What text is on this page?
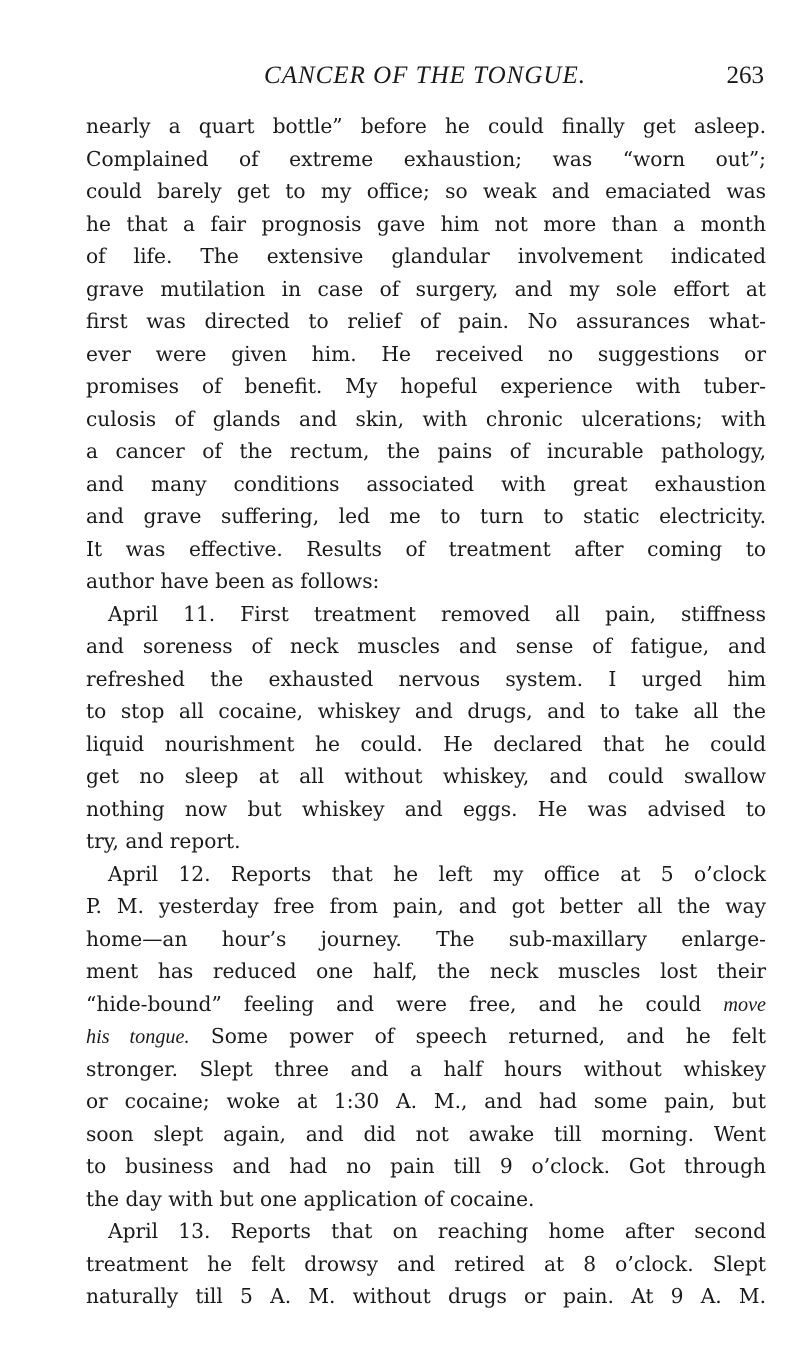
CANCER OF THE TONGUE.	263
nearly a quart bottle” before he could finally get asleep.
Complained of extreme exhaustion; was “worn out”;
could barely get to my office; so weak and emaciated was
he that a fair prognosis gave him not more than a month
of life. The extensive glandular involvement indicated
grave mutilation in case of surgery, and my sole effort at
first was directed to relief of pain. No assurances what-
ever were given him. He received no suggestions or
promises of benefit. My hopeful experience with tuber-
culosis of glands and skin, with chronic ulcerations; with
a cancer of the rectum, the pains of incurable pathology,
and many conditions associated with great exhaustion
and grave suffering, led me to turn to static electricity.
It was effective. Results of treatment after coming to
author have been as follows:
April 11. First treatment removed all pain, stiffness
and soreness of neck muscles and sense of fatigue, and
refreshed the exhausted nervous system. I urged him
to stop all cocaine, whiskey and drugs, and to take all the
liquid nourishment he could. He declared that he could
get no sleep at all without whiskey, and could swallow
nothing now but whiskey and eggs. He was advised to
try, and report.
April 12. Reports that he left my office at 5 o’clock
P. M. yesterday free from pain, and got better all the way
home—an hour’s journey. The sub-maxillary enlarge-
ment has reduced one half, the neck muscles lost their
“hide-bound” feeling and were free, and he could move
his tongue. Some power of speech returned, and he felt
stronger. Slept three and a half hours without whiskey
or cocaine; woke at 1:30 A. M., and had some pain, but
soon slept again, and did not awake till morning. Went
to business and had no pain till 9 o’clock. Got through
the day with but one application of cocaine.
April 13. Reports that on reaching home after second
treatment he felt drowsy and retired at 8 o’clock. Slept
naturally till 5 A. M. without drugs or pain. At 9 A. M.
